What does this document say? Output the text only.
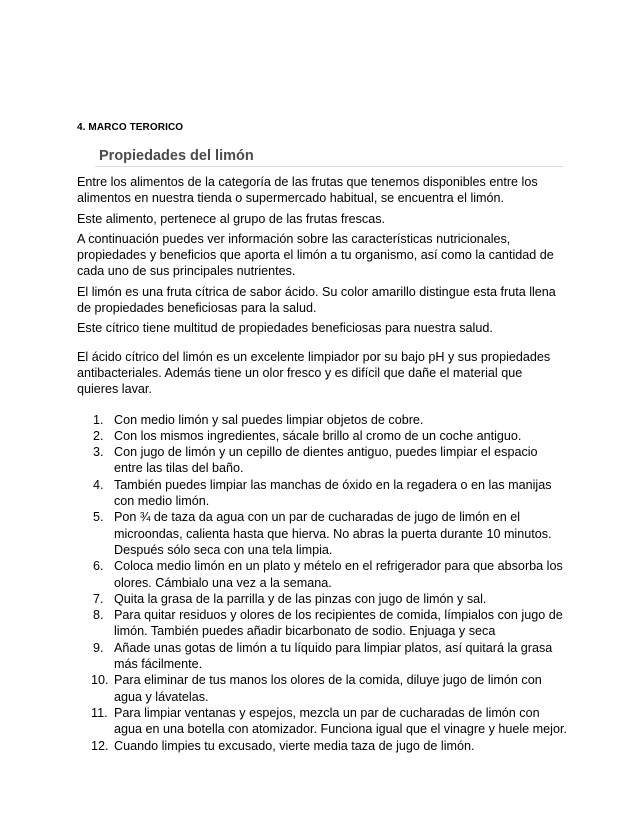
4. MARCO TERORICO
Propiedades del limón

Entre los alimentos de la categoría de las frutas que tenemos disponibles entre los alimentos en nuestra tienda o supermercado habitual, se encuentra el limón.

Este alimento, pertenece al grupo de las frutas frescas.

A continuación puedes ver información sobre las características nutricionales, propiedades y beneficios que aporta el limón a tu organismo, así como la cantidad de cada uno de sus principales nutrientes.

El limón es una fruta cítrica de sabor ácido. Su color amarillo distingue esta fruta llena de propiedades beneficiosas para la salud.

Este cítrico tiene multitud de propiedades beneficiosas para nuestra salud.

El ácido cítrico del limón es un excelente limpiador por su bajo pH y sus propiedades antibacteriales. Además tiene un olor fresco y es difícil que dañe el material que quieres lavar.

1. Con medio limón y sal puedes limpiar objetos de cobre.
2. Con los mismos ingredientes, sácale brillo al cromo de un coche antiguo.
3. Con jugo de limón y un cepillo de dientes antiguo, puedes limpiar el espacio entre las tilas del baño.
4. También puedes limpiar las manchas de óxido en la regadera o en las manijas con medio limón.
5. Pon ¾ de taza da agua con un par de cucharadas de jugo de limón en el microondas, calienta hasta que hierva. No abras la puerta durante 10 minutos. Después sólo seca con una tela limpia.
6. Coloca medio limón en un plato y mételo en el refrigerador para que absorba los olores. Cámbialo una vez a la semana.
7. Quita la grasa de la parrilla y de las pinzas con jugo de limón y sal.
8. Para quitar residuos y olores de los recipientes de comida, límpialos con jugo de limón. También puedes añadir bicarbonato de sodio. Enjuaga y seca
9. Añade unas gotas de limón a tu líquido para limpiar platos, así quitará la grasa más fácilmente.
10. Para eliminar de tus manos los olores de la comida, diluye jugo de limón con agua y lávatelas.
11. Para limpiar ventanas y espejos, mezcla un par de cucharadas de limón con agua en una botella con atomizador. Funciona igual que el vinagre y huele mejor.
12. Cuando limpies tu excusado, vierte media taza de jugo de limón.
